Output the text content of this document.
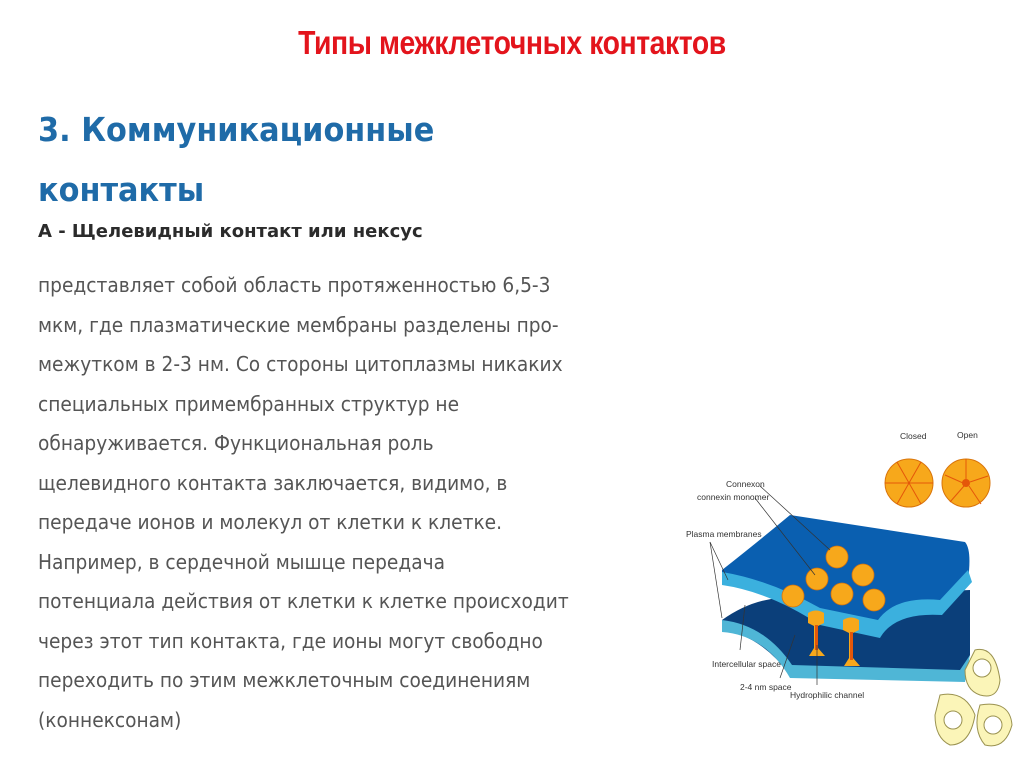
Типы межклеточных контактов
3. Коммуникационные
контакты
А - Щелевидный контакт или нексус
представляет собой область протяженностью 6,5-3
мкм, где плазматические мембраны разделены про-
межутком в 2-3 нм. Со стороны цитоплазмы никаких
специальных примембранных структур не
обнаруживается. Функциональная роль
щелевидного контакта заключается, видимо, в
передаче ионов и молекул от клетки к клетке.
Например, в сердечной мышце передача
потенциала действия от клетки к клетке происходит
через этот тип контакта, где ионы могут свободно
переходить по этим межклеточным соединениям
(коннексонам)
Closed	Open
Connexon
connexin monomer
Plasma membranes
Intercellular space
2-4 nm space
Hydrophilic channel
